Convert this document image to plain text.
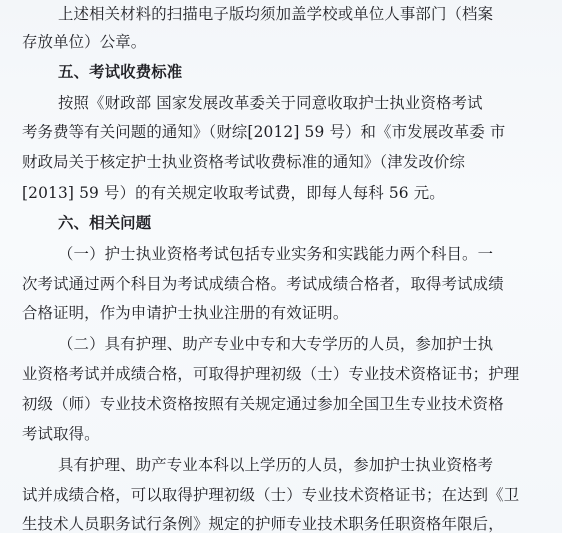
上述相关材料的扫描电子版均须加盖学校或单位人事部门（档案
存放单位）公章。
五、考试收费标准
按照《财政部 国家发展改革委关于同意收取护士执业资格考试
考务费等有关问题的通知》（财综[2012] 59 号）和《市发展改革委 市
财政局关于核定护士执业资格考试收费标准的通知》（津发改价综
[2013] 59 号）的有关规定收取考试费，即每人每科 56 元。
六、相关问题
（一）护士执业资格考试包括专业实务和实践能力两个科目。一
次考试通过两个科目为考试成绩合格。考试成绩合格者，取得考试成绩
合格证明，作为申请护士执业注册的有效证明。
（二）具有护理、助产专业中专和大专学历的人员，参加护士执
业资格考试并成绩合格，可取得护理初级（士）专业技术资格证书；护理
初级（师）专业技术资格按照有关规定通过参加全国卫生专业技术资格
考试取得。
具有护理、助产专业本科以上学历的人员，参加护士执业资格考
试并成绩合格，可以取得护理初级（士）专业技术资格证书；在达到《卫
生技术人员职务试行条例》规定的护师专业技术职务任职资格年限后，
